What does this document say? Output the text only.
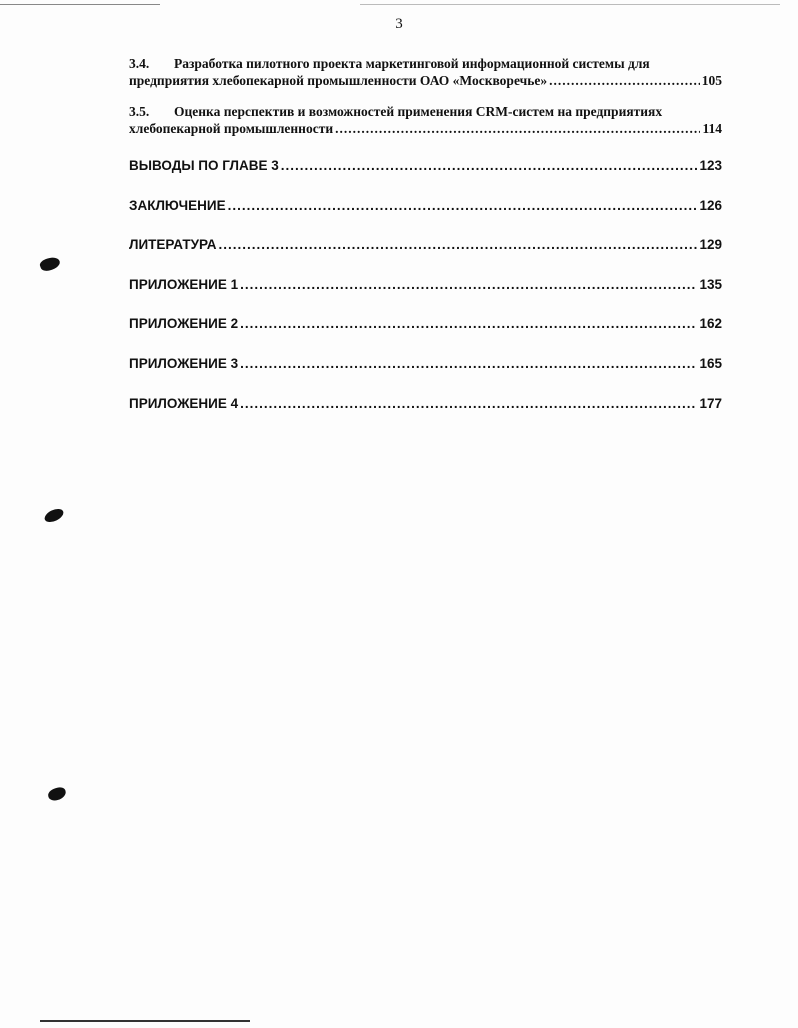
3
3.4.	Разработка пилотного проекта маркетинговой информационной системы для
предприятия хлебопекарной промышленности ОАО «Москворечье» .....	105
3.5.	Оценка перспектив и возможностей применения CRM-систем на предприятиях
хлебопекарной промышленности .....	114
ВЫВОДЫ ПО ГЛАВЕ 3 .....	123
ЗАКЛЮЧЕНИЕ .....	126
ЛИТЕРАТУРА .....	129
ПРИЛОЖЕНИЕ 1 .....	135
ПРИЛОЖЕНИЕ 2 .....	162
ПРИЛОЖЕНИЕ 3 .....	165
ПРИЛОЖЕНИЕ 4 .....	177
